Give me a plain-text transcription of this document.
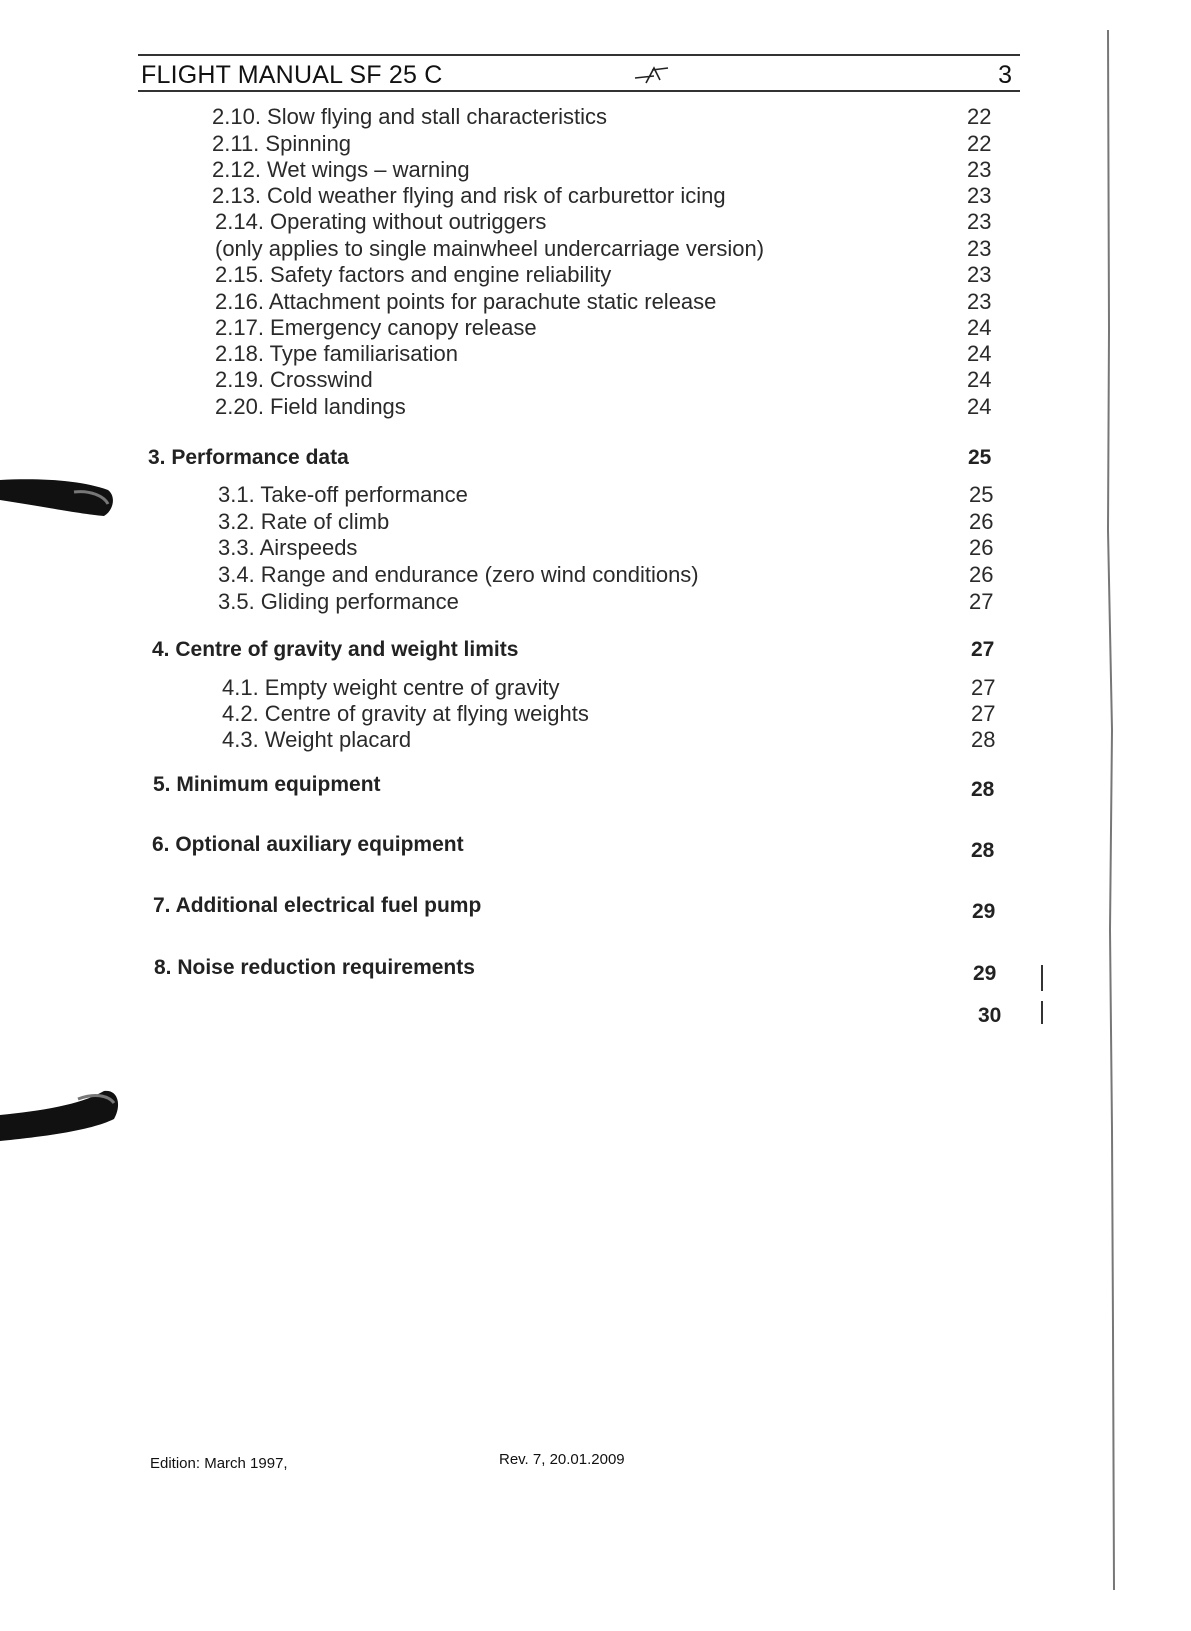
FLIGHT MANUAL SF 25 C	3
2.10. Slow flying and stall characteristics	22
2.11. Spinning	22
2.12. Wet wings – warning	23
2.13. Cold weather flying and risk of carburettor icing	23
2.14. Operating without outriggers	23
(only applies to single mainwheel undercarriage version)	23
2.15. Safety factors and engine reliability	23
2.16. Attachment points for parachute static release	23
2.17. Emergency canopy release	24
2.18. Type familiarisation	24
2.19. Crosswind	24
2.20. Field landings	24
3. Performance data	25
3.1. Take-off performance	25
3.2. Rate of climb	26
3.3. Airspeeds	26
3.4. Range and endurance (zero wind conditions)	26
3.5. Gliding performance	27
4. Centre of gravity and weight limits	27
4.1. Empty weight centre of gravity	27
4.2. Centre of gravity at flying weights	27
4.3. Weight placard	28
5. Minimum equipment	28
6. Optional auxiliary equipment	28
7. Additional electrical fuel pump	29
8. Noise reduction requirements	29
30
Edition: March 1997,	Rev. 7, 20.01.2009
